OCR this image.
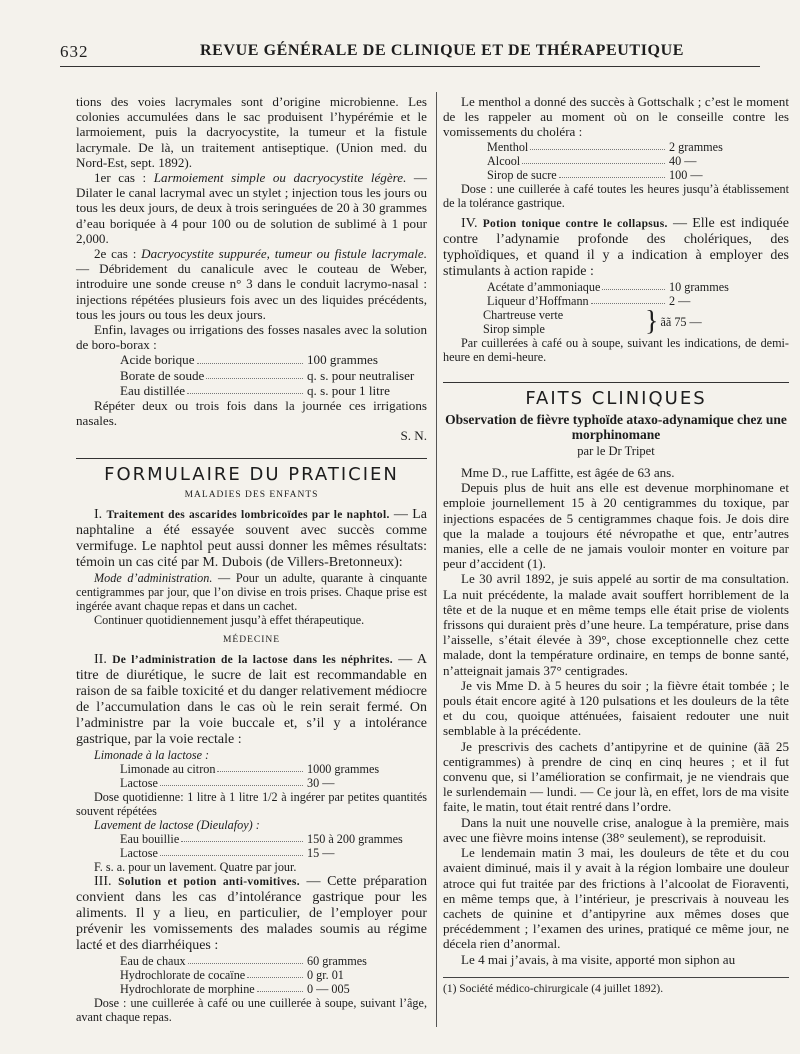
632	REVUE GÉNÉRALE DE CLINIQUE ET DE THÉRAPEUTIQUE

tions des voies lacrymales sont d’origine microbienne. Les colonies accumulées dans le sac produisent l’hypérémie et le larmoiement, puis la dacryocystite, la tumeur et la fistule lacrymale. De là, un traitement antiseptique. (Union med. du Nord-Est, sept. 1892).

1er cas : Larmoiement simple ou dacryocystite légère. — Dilater le canal lacrymal avec un stylet ; injection tous les jours ou tous les deux jours, de deux à trois seringuées de 20 à 30 grammes d’eau boriquée à 4 pour 100 ou de solution de sublimé à 1 pour 2,000.

2e cas : Dacryocystite suppurée, tumeur ou fistule lacrymale. — Débridement du canalicule avec le couteau de Weber, introduire une sonde creuse n° 3 dans le conduit lacrymo-nasal : injections répétées plusieurs fois avec un des liquides précédents, tous les jours ou tous les deux jours.

Enfin, lavages ou irrigations des fosses nasales avec la solution de boro-borax :

Acide borique	100 grammes
Borate de soude	q. s. pour neutraliser
Eau distillée	q. s. pour 1 litre

Répéter deux ou trois fois dans la journée ces irrigations nasales.

S. N.
FORMULAIRE DU PRATICIEN
MALADIES DES ENFANTS

I. Traitement des ascarides lombricoïdes par le naphtol. — La naphtaline a été essayée souvent avec succès comme vermifuge. Le naphtol peut aussi donner les mêmes résultats: témoin un cas cité par M. Dubois (de Villers-Bretonneux):

Mode d’administration. — Pour un adulte, quarante à cinquante centigrammes par jour, que l’on divise en trois prises. Chaque prise est ingérée avant chaque repas et dans un cachet.

Continuer quotidiennement jusqu’à effet thérapeutique.

MÉDECINE

II. De l’administration de la lactose dans les néphrites. — A titre de diurétique, le sucre de lait est recommandable en raison de sa faible toxicité et du danger relativement médiocre de l’accumulation dans le cas où le rein serait fermé. On l’administre par la voie buccale et, s’il y a intolérance gastrique, par la voie rectale :

Limonade à la lactose :

Limonade au citron	1000 grammes
Lactose	30 —

Dose quotidienne: 1 litre à 1 litre 1/2 à ingérer par petites quantités souvent répétées

Lavement de lactose (Dieulafoy) :

Eau bouillie	150 à 200 grammes
Lactose	15 —

F. s. a. pour un lavement. Quatre par jour.

III. Solution et potion anti-vomitives. — Cette préparation convient dans les cas d’intolérance gastrique pour les aliments. Il y a lieu, en particulier, de l’employer pour prévenir les vomissements des malades soumis au régime lacté et des diarrhéiques :

Eau de chaux	60 grammes
Hydrochlorate de cocaïne	0 gr. 01
Hydrochlorate de morphine	0 — 005

Dose : une cuillerée à café ou une cuillerée à soupe, suivant l’âge, avant chaque repas.

Le menthol a donné des succès à Gottschalk ; c’est le moment de les rappeler au moment où on le conseille contre les vomissements du choléra :

Menthol	2 grammes
Alcool	40 —
Sirop de sucre	100 —

Dose : une cuillerée à café toutes les heures jusqu’à établissement de la tolérance gastrique.

IV. Potion tonique contre le collapsus. — Elle est indiquée contre l’adynamie profonde des cholériques, des typhoïdiques, et quand il y a indication à employer des stimulants à action rapide :

Acétate d’ammoniaque	10 grammes
Liqueur d’Hoffmann	2 —
Chartreuse verte
Sirop simple	} ãã 75 —

Par cuillerées à café ou à soupe, suivant les indications, de demi-heure en demi-heure.

FAITS CLINIQUES
Observation de fièvre typhoïde ataxo-adynamique chez une morphinomane
par le Dr Tripet

Mme D., rue Laffitte, est âgée de 63 ans.

Depuis plus de huit ans elle est devenue morphinomane et emploie journellement 15 à 20 centigrammes du toxique, par injections espacées de 5 centigrammes chaque fois. Je dois dire que la malade a toujours été névropathe et que, entr’autres manies, elle a celle de ne jamais vouloir monter en voiture par peur d’accident (1).

Le 30 avril 1892, je suis appelé au sortir de ma consultation. La nuit précédente, la malade avait souffert horriblement de la tête et de la nuque et en même temps elle était prise de violents frissons qui duraient près d’une heure. La température, prise dans l’aisselle, s’était élevée à 39°, chose exceptionnelle chez cette malade, dont la température ordinaire, en temps de bonne santé, n’atteignait jamais 37° centigrades.

Je vis Mme D. à 5 heures du soir ; la fièvre était tombée ; le pouls était encore agité à 120 pulsations et les douleurs de la tête et du cou, quoique atténuées, faisaient redouter une nuit semblable à la précédente.

Je prescrivis des cachets d’antipyrine et de quinine (ãã 25 centigrammes) à prendre de cinq en cinq heures ; et il fut convenu que, si l’amélioration se confirmait, je ne viendrais que le surlendemain — lundi. — Ce jour là, en effet, lors de ma visite faite, le matin, tout était rentré dans l’ordre.

Dans la nuit une nouvelle crise, analogue à la première, mais avec une fièvre moins intense (38° seulement), se reproduisit.

Le lendemain matin 3 mai, les douleurs de tête et du cou avaient diminué, mais il y avait à la région lombaire une douleur atroce qui fut traitée par des frictions à l’alcoolat de Fioraventi, en même temps que, à l’intérieur, je prescrivais à nouveau les cachets de quinine et d’antipyrine aux mêmes doses que précédemment ; l’examen des urines, pratiqué ce même jour, ne décela rien d’anormal.

Le 4 mai j’avais, à ma visite, apporté mon siphon au

(1) Société médico-chirurgicale (4 juillet 1892).
